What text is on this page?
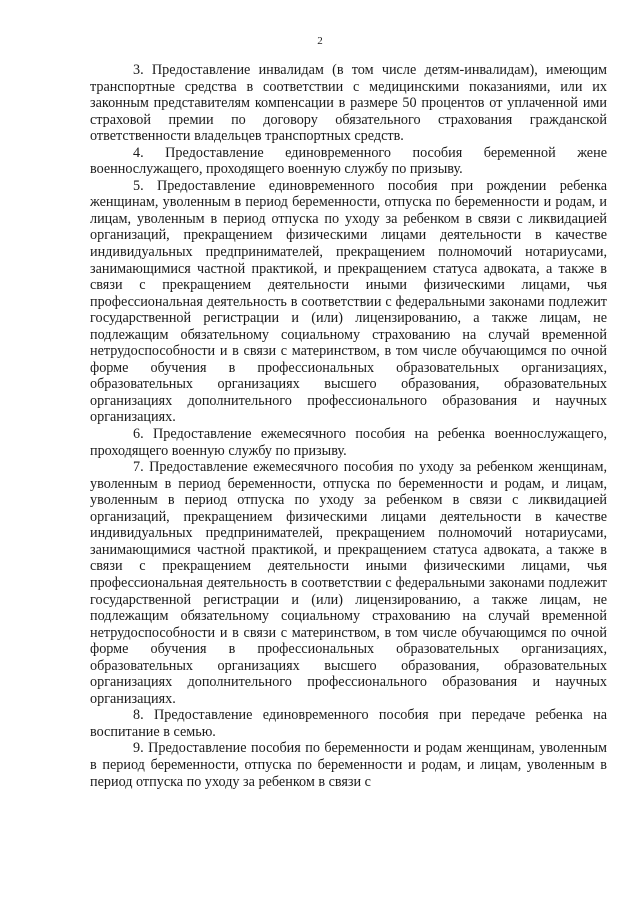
2

3. Предоставление инвалидам (в том числе детям-инвалидам), имеющим транспортные средства в соответствии с медицинскими показаниями, или их законным представителям компенсации в размере 50 процентов от уплаченной ими страховой премии по договору обязательного страхования гражданской ответственности владельцев транспортных средств.

4. Предоставление единовременного пособия беременной жене военнослужащего, проходящего военную службу по призыву.

5. Предоставление единовременного пособия при рождении ребенка женщинам, уволенным в период беременности, отпуска по беременности и родам, и лицам, уволенным в период отпуска по уходу за ребенком в связи с ликвидацией организаций, прекращением физическими лицами деятельности в качестве индивидуальных предпринимателей, прекращением полномочий нотариусами, занимающимися частной практикой, и прекращением статуса адвоката, а также в связи с прекращением деятельности иными физическими лицами, чья профессиональная деятельность в соответствии с федеральными законами подлежит государственной регистрации и (или) лицензированию, а также лицам, не подлежащим обязательному социальному страхованию на случай временной нетрудоспособности и в связи с материнством, в том числе обучающимся по очной форме обучения в профессиональных образовательных организациях, образовательных организациях высшего образования, образовательных организациях дополнительного профессионального образования и научных организациях.

6. Предоставление ежемесячного пособия на ребенка военнослужащего, проходящего военную службу по призыву.

7. Предоставление ежемесячного пособия по уходу за ребенком женщинам, уволенным в период беременности, отпуска по беременности и родам, и лицам, уволенным в период отпуска по уходу за ребенком в связи с ликвидацией организаций, прекращением физическими лицами деятельности в качестве индивидуальных предпринимателей, прекращением полномочий нотариусами, занимающимися частной практикой, и прекращением статуса адвоката, а также в связи с прекращением деятельности иными физическими лицами, чья профессиональная деятельность в соответствии с федеральными законами подлежит государственной регистрации и (или) лицензированию, а также лицам, не подлежащим обязательному социальному страхованию на случай временной нетрудоспособности и в связи с материнством, в том числе обучающимся по очной форме обучения в профессиональных образовательных организациях, образовательных организациях высшего образования, образовательных организациях дополнительного профессионального образования и научных организациях.

8. Предоставление единовременного пособия при передаче ребенка на воспитание в семью.

9. Предоставление пособия по беременности и родам женщинам, уволенным в период беременности, отпуска по беременности и родам, и лицам, уволенным в период отпуска по уходу за ребенком в связи с
